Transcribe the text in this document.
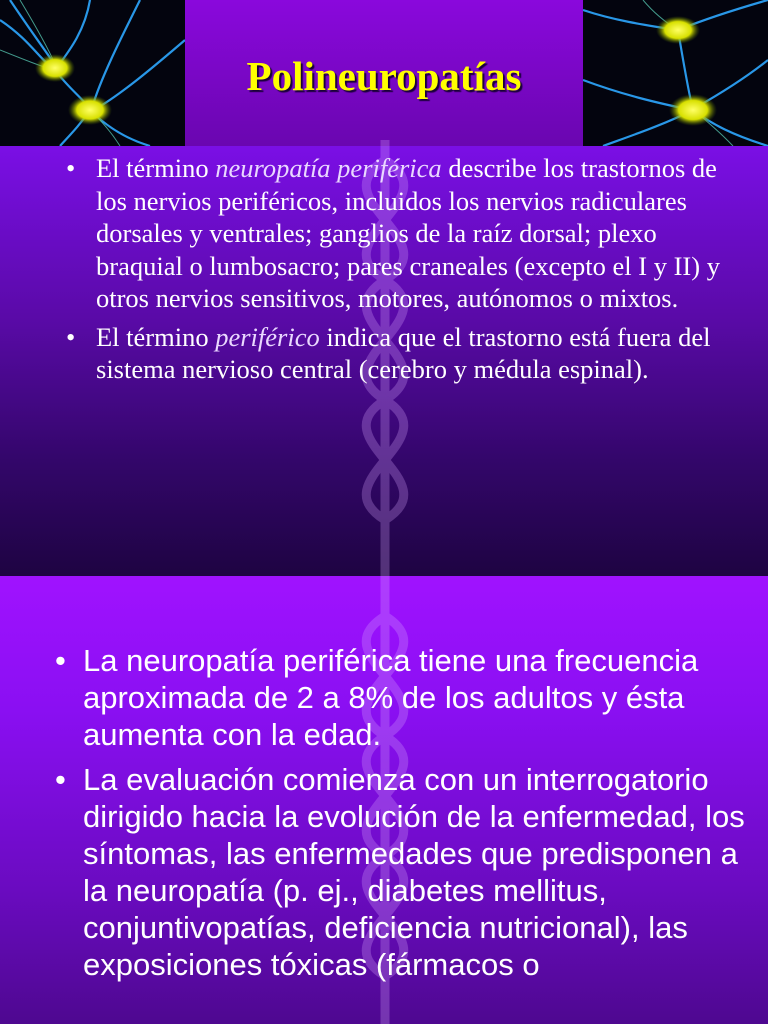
Polineuropatías
• El término neuropatía periférica describe los trastornos de los nervios periféricos, incluidos los nervios radiculares dorsales y ventrales; ganglios de la raíz dorsal; plexo braquial o lumbosacro; pares craneales (excepto el I y II) y otros nervios sensitivos, motores, autónomos o mixtos.
• El término periférico indica que el trastorno está fuera del sistema nervioso central (cerebro y médula espinal).
• La neuropatía periférica tiene una frecuencia aproximada de 2 a 8% de los adultos y ésta aumenta con la edad.
• La evaluación comienza con un interrogatorio dirigido hacia la evolución de la enfermedad, los síntomas, las enfermedades que predisponen a la neuropatía (p. ej., diabetes mellitus, conjuntivopatías, deficiencia nutricional), las exposiciones tóxicas (fármacos o
